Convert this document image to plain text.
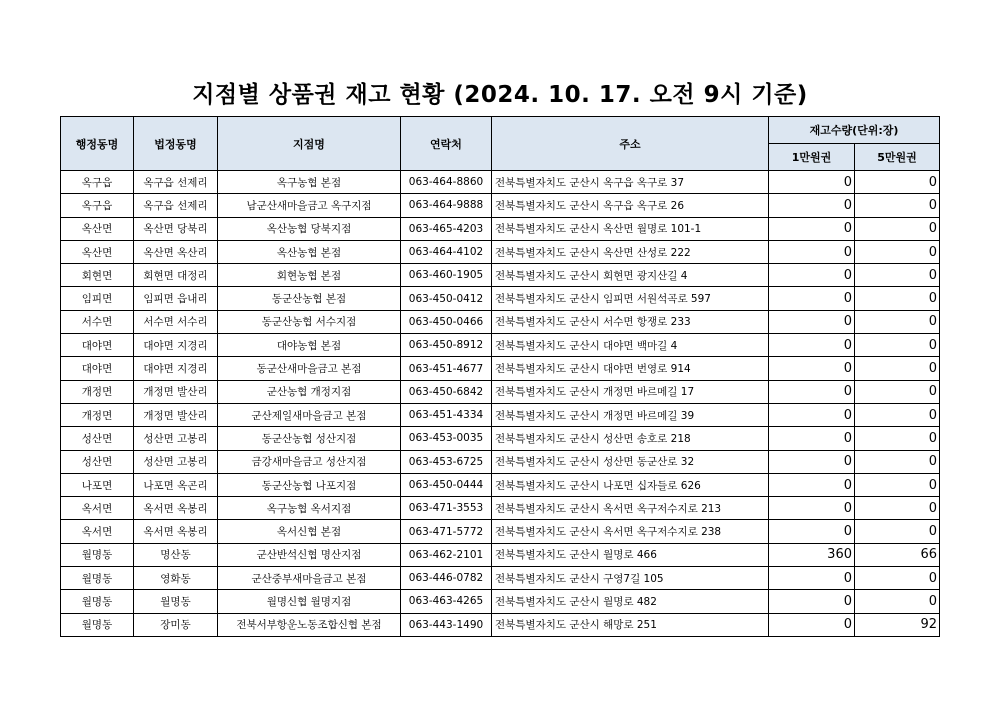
지점별 상품권 재고 현황 (2024. 10. 17. 오전 9시 기준)
행정동명	법정동명	지점명	연락처	주소	재고수량(단위:장)	
					1만원권	5만원권
옥구읍	옥구읍 선제리	옥구농협 본점	063-464-8860	전북특별자치도 군산시 옥구읍 옥구로 37	0	0
옥구읍	옥구읍 선제리	남군산새마을금고 옥구지점	063-464-9888	전북특별자치도 군산시 옥구읍 옥구로 26	0	0
옥산면	옥산면 당북리	옥산농협 당북지점	063-465-4203	전북특별자치도 군산시 옥산면 월명로 101-1	0	0
옥산면	옥산면 옥산리	옥산농협 본점	063-464-4102	전북특별자치도 군산시 옥산면 산성로 222	0	0
회현면	회현면 대정리	회현농협 본점	063-460-1905	전북특별자치도 군산시 회현면 광지산길 4	0	0
임피면	임피면 읍내리	동군산농협 본점	063-450-0412	전북특별자치도 군산시 임피면 서원석곡로 597	0	0
서수면	서수면 서수리	동군산농협 서수지점	063-450-0466	전북특별자치도 군산시 서수면 항쟁로 233	0	0
대야면	대야면 지경리	대야농협 본점	063-450-8912	전북특별자치도 군산시 대야면 백마길 4	0	0
대야면	대야면 지경리	동군산새마을금고 본점	063-451-4677	전북특별자치도 군산시 대야면 번영로 914	0	0
개정면	개정면 발산리	군산농협 개정지점	063-450-6842	전북특별자치도 군산시 개정면 바르메길 17	0	0
개정면	개정면 발산리	군산제일새마을금고 본점	063-451-4334	전북특별자치도 군산시 개정면 바르메길 39	0	0
성산면	성산면 고봉리	동군산농협 성산지점	063-453-0035	전북특별자치도 군산시 성산면 송호로 218	0	0
성산면	성산면 고봉리	금강새마을금고 성산지점	063-453-6725	전북특별자치도 군산시 성산면 동군산로 32	0	0
나포면	나포면 옥곤리	동군산농협 나포지점	063-450-0444	전북특별자치도 군산시 나포면 십자들로 626	0	0
옥서면	옥서면 옥봉리	옥구농협 옥서지점	063-471-3553	전북특별자치도 군산시 옥서면 옥구저수지로 213	0	0
옥서면	옥서면 옥봉리	옥서신협 본점	063-471-5772	전북특별자치도 군산시 옥서면 옥구저수지로 238	0	0
월명동	명산동	군산반석신협 명산지점	063-462-2101	전북특별자치도 군산시 월명로 466	360	66
월명동	영화동	군산중부새마을금고 본점	063-446-0782	전북특별자치도 군산시 구영7길 105	0	0
월명동	월명동	월명신협 월명지점	063-463-4265	전북특별자치도 군산시 월명로 482	0	0
월명동	장미동	전북서부항운노동조합신협 본점	063-443-1490	전북특별자치도 군산시 해망로 251	0	92
